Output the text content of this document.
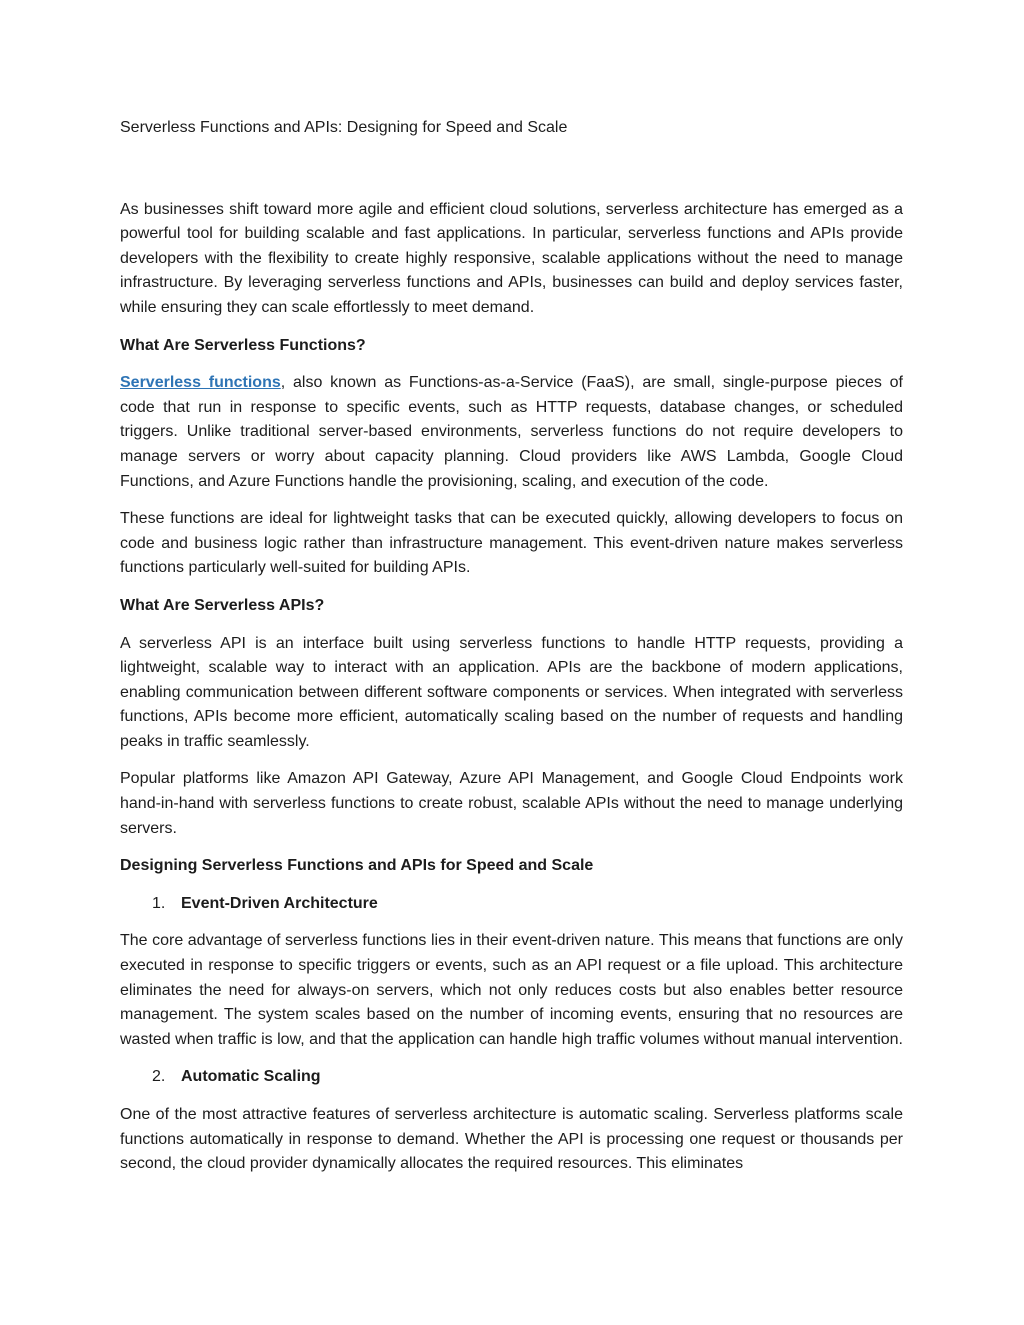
Serverless Functions and APIs: Designing for Speed and Scale

As businesses shift toward more agile and efficient cloud solutions, serverless architecture has emerged as a powerful tool for building scalable and fast applications. In particular, serverless functions and APIs provide developers with the flexibility to create highly responsive, scalable applications without the need to manage infrastructure. By leveraging serverless functions and APIs, businesses can build and deploy services faster, while ensuring they can scale effortlessly to meet demand.

What Are Serverless Functions?

Serverless functions, also known as Functions-as-a-Service (FaaS), are small, single-purpose pieces of code that run in response to specific events, such as HTTP requests, database changes, or scheduled triggers. Unlike traditional server-based environments, serverless functions do not require developers to manage servers or worry about capacity planning. Cloud providers like AWS Lambda, Google Cloud Functions, and Azure Functions handle the provisioning, scaling, and execution of the code.

These functions are ideal for lightweight tasks that can be executed quickly, allowing developers to focus on code and business logic rather than infrastructure management. This event-driven nature makes serverless functions particularly well-suited for building APIs.

What Are Serverless APIs?

A serverless API is an interface built using serverless functions to handle HTTP requests, providing a lightweight, scalable way to interact with an application. APIs are the backbone of modern applications, enabling communication between different software components or services. When integrated with serverless functions, APIs become more efficient, automatically scaling based on the number of requests and handling peaks in traffic seamlessly.

Popular platforms like Amazon API Gateway, Azure API Management, and Google Cloud Endpoints work hand-in-hand with serverless functions to create robust, scalable APIs without the need to manage underlying servers.

Designing Serverless Functions and APIs for Speed and Scale

1. Event-Driven Architecture

The core advantage of serverless functions lies in their event-driven nature. This means that functions are only executed in response to specific triggers or events, such as an API request or a file upload. This architecture eliminates the need for always-on servers, which not only reduces costs but also enables better resource management. The system scales based on the number of incoming events, ensuring that no resources are wasted when traffic is low, and that the application can handle high traffic volumes without manual intervention.

2. Automatic Scaling

One of the most attractive features of serverless architecture is automatic scaling. Serverless platforms scale functions automatically in response to demand. Whether the API is processing one request or thousands per second, the cloud provider dynamically allocates the required resources. This eliminates
